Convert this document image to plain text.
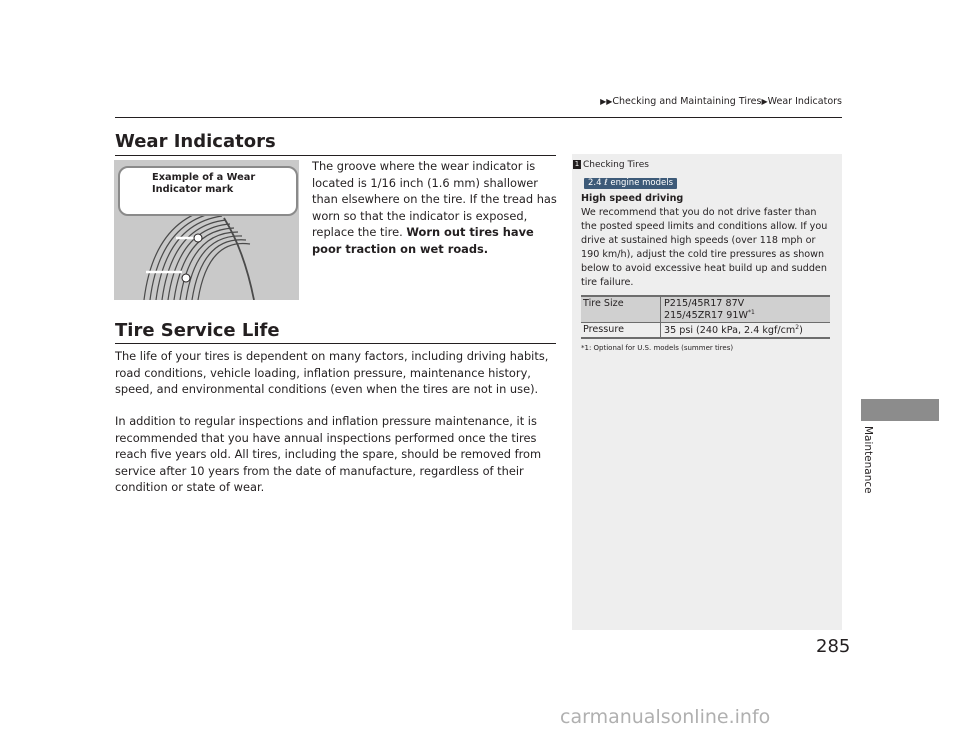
▶▶Checking and Maintaining Tires▶Wear Indicators
Wear Indicators
Example of a Wear
Indicator mark
The groove where the wear indicator is located is 1/16 inch (1.6 mm) shallower than elsewhere on the tire. If the tread has worn so that the indicator is exposed, replace the tire. Worn out tires have poor traction on wet roads.
Tire Service Life
The life of your tires is dependent on many factors, including driving habits, road conditions, vehicle loading, inflation pressure, maintenance history, speed, and environmental conditions (even when the tires are not in use).
In addition to regular inspections and inflation pressure maintenance, it is recommended that you have annual inspections performed once the tires reach five years old. All tires, including the spare, should be removed from service after 10 years from the date of manufacture, regardless of their condition or state of wear.
1 Checking Tires
2.4 ℓ engine models
High speed driving
We recommend that you do not drive faster than the posted speed limits and conditions allow. If you drive at sustained high speeds (over 118 mph or 190 km/h), adjust the cold tire pressures as shown below to avoid excessive heat build up and sudden tire failure.
Tire Size	P215/45R17 87V
215/45ZR17 $91W^{*1}$

Pressure	35 psi (240 kPa, 2.4 kgf/$cm^2$)
*1: Optional for U.S. models (summer tires)
Maintenance
285
carmanualsonline.info
